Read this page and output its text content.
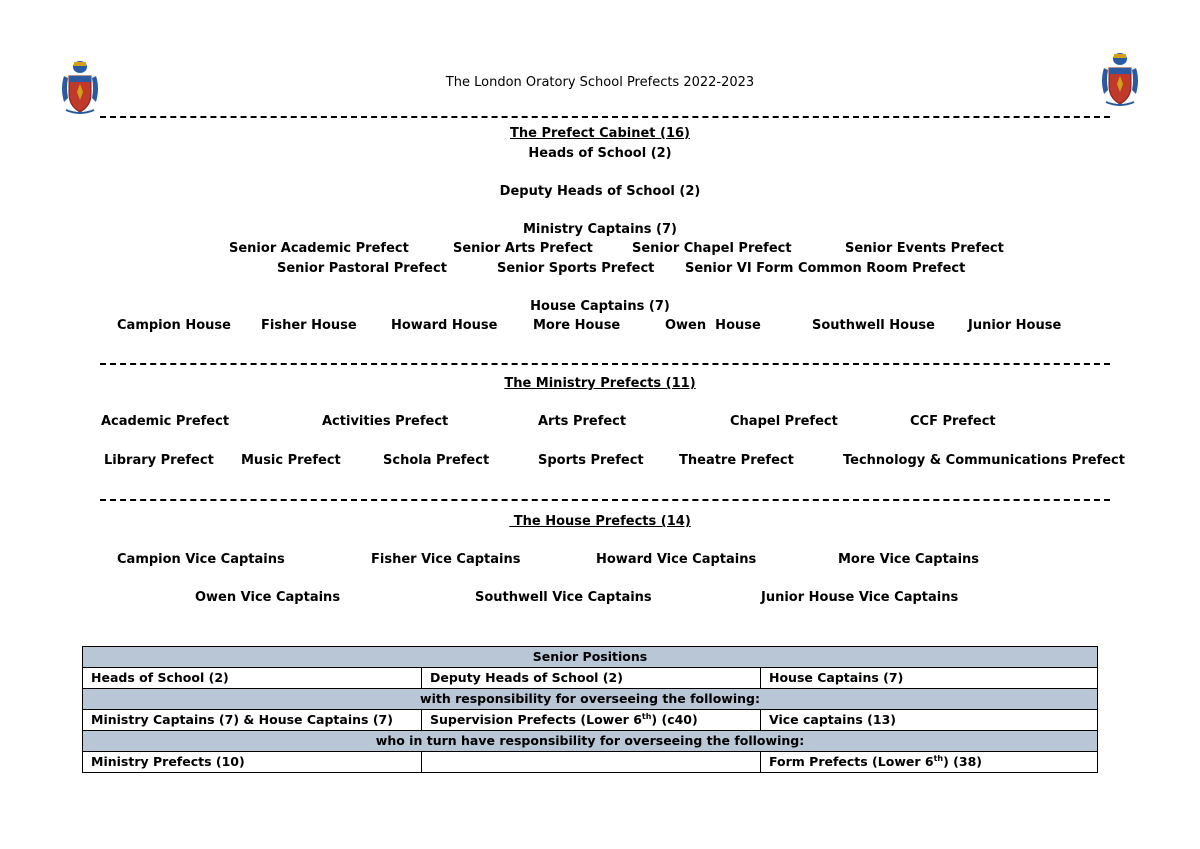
The London Oratory School Prefects 2022-2023
The Prefect Cabinet (16)
Heads of School (2)
Deputy Heads of School (2)
Ministry Captains (7)
Senior Academic Prefect	Senior Arts Prefect	Senior Chapel Prefect	Senior Events Prefect
Senior Pastoral Prefect	Senior Sports Prefect Senior VI Form Common Room Prefect
House Captains (7)
Campion House Fisher House	Howard House	More House	Owen  House	Southwell House	Junior House
The Ministry Prefects (11)
Academic Prefect	Activities Prefect	Arts Prefect	Chapel Prefect	CCF Prefect
Library Prefect Music Prefect	Schola Prefect	Sports Prefect	Theatre Prefect	Technology & Communications Prefect
The House Prefects (14)
Campion Vice Captains	Fisher Vice Captains	Howard Vice Captains	More Vice Captains
Owen Vice Captains	Southwell Vice Captains	Junior House Vice Captains
Senior Positions		
Heads of School (2)	Deputy Heads of School (2)	House Captains (7)
with responsibility for overseeing the following:		
Ministry Captains (7) & House Captains (7)	Supervision Prefects (Lower 6th) (c40)	Vice captains (13)
who in turn have responsibility for overseeing the following:		
Ministry Prefects (10)		Form Prefects (Lower 6th) (38)
